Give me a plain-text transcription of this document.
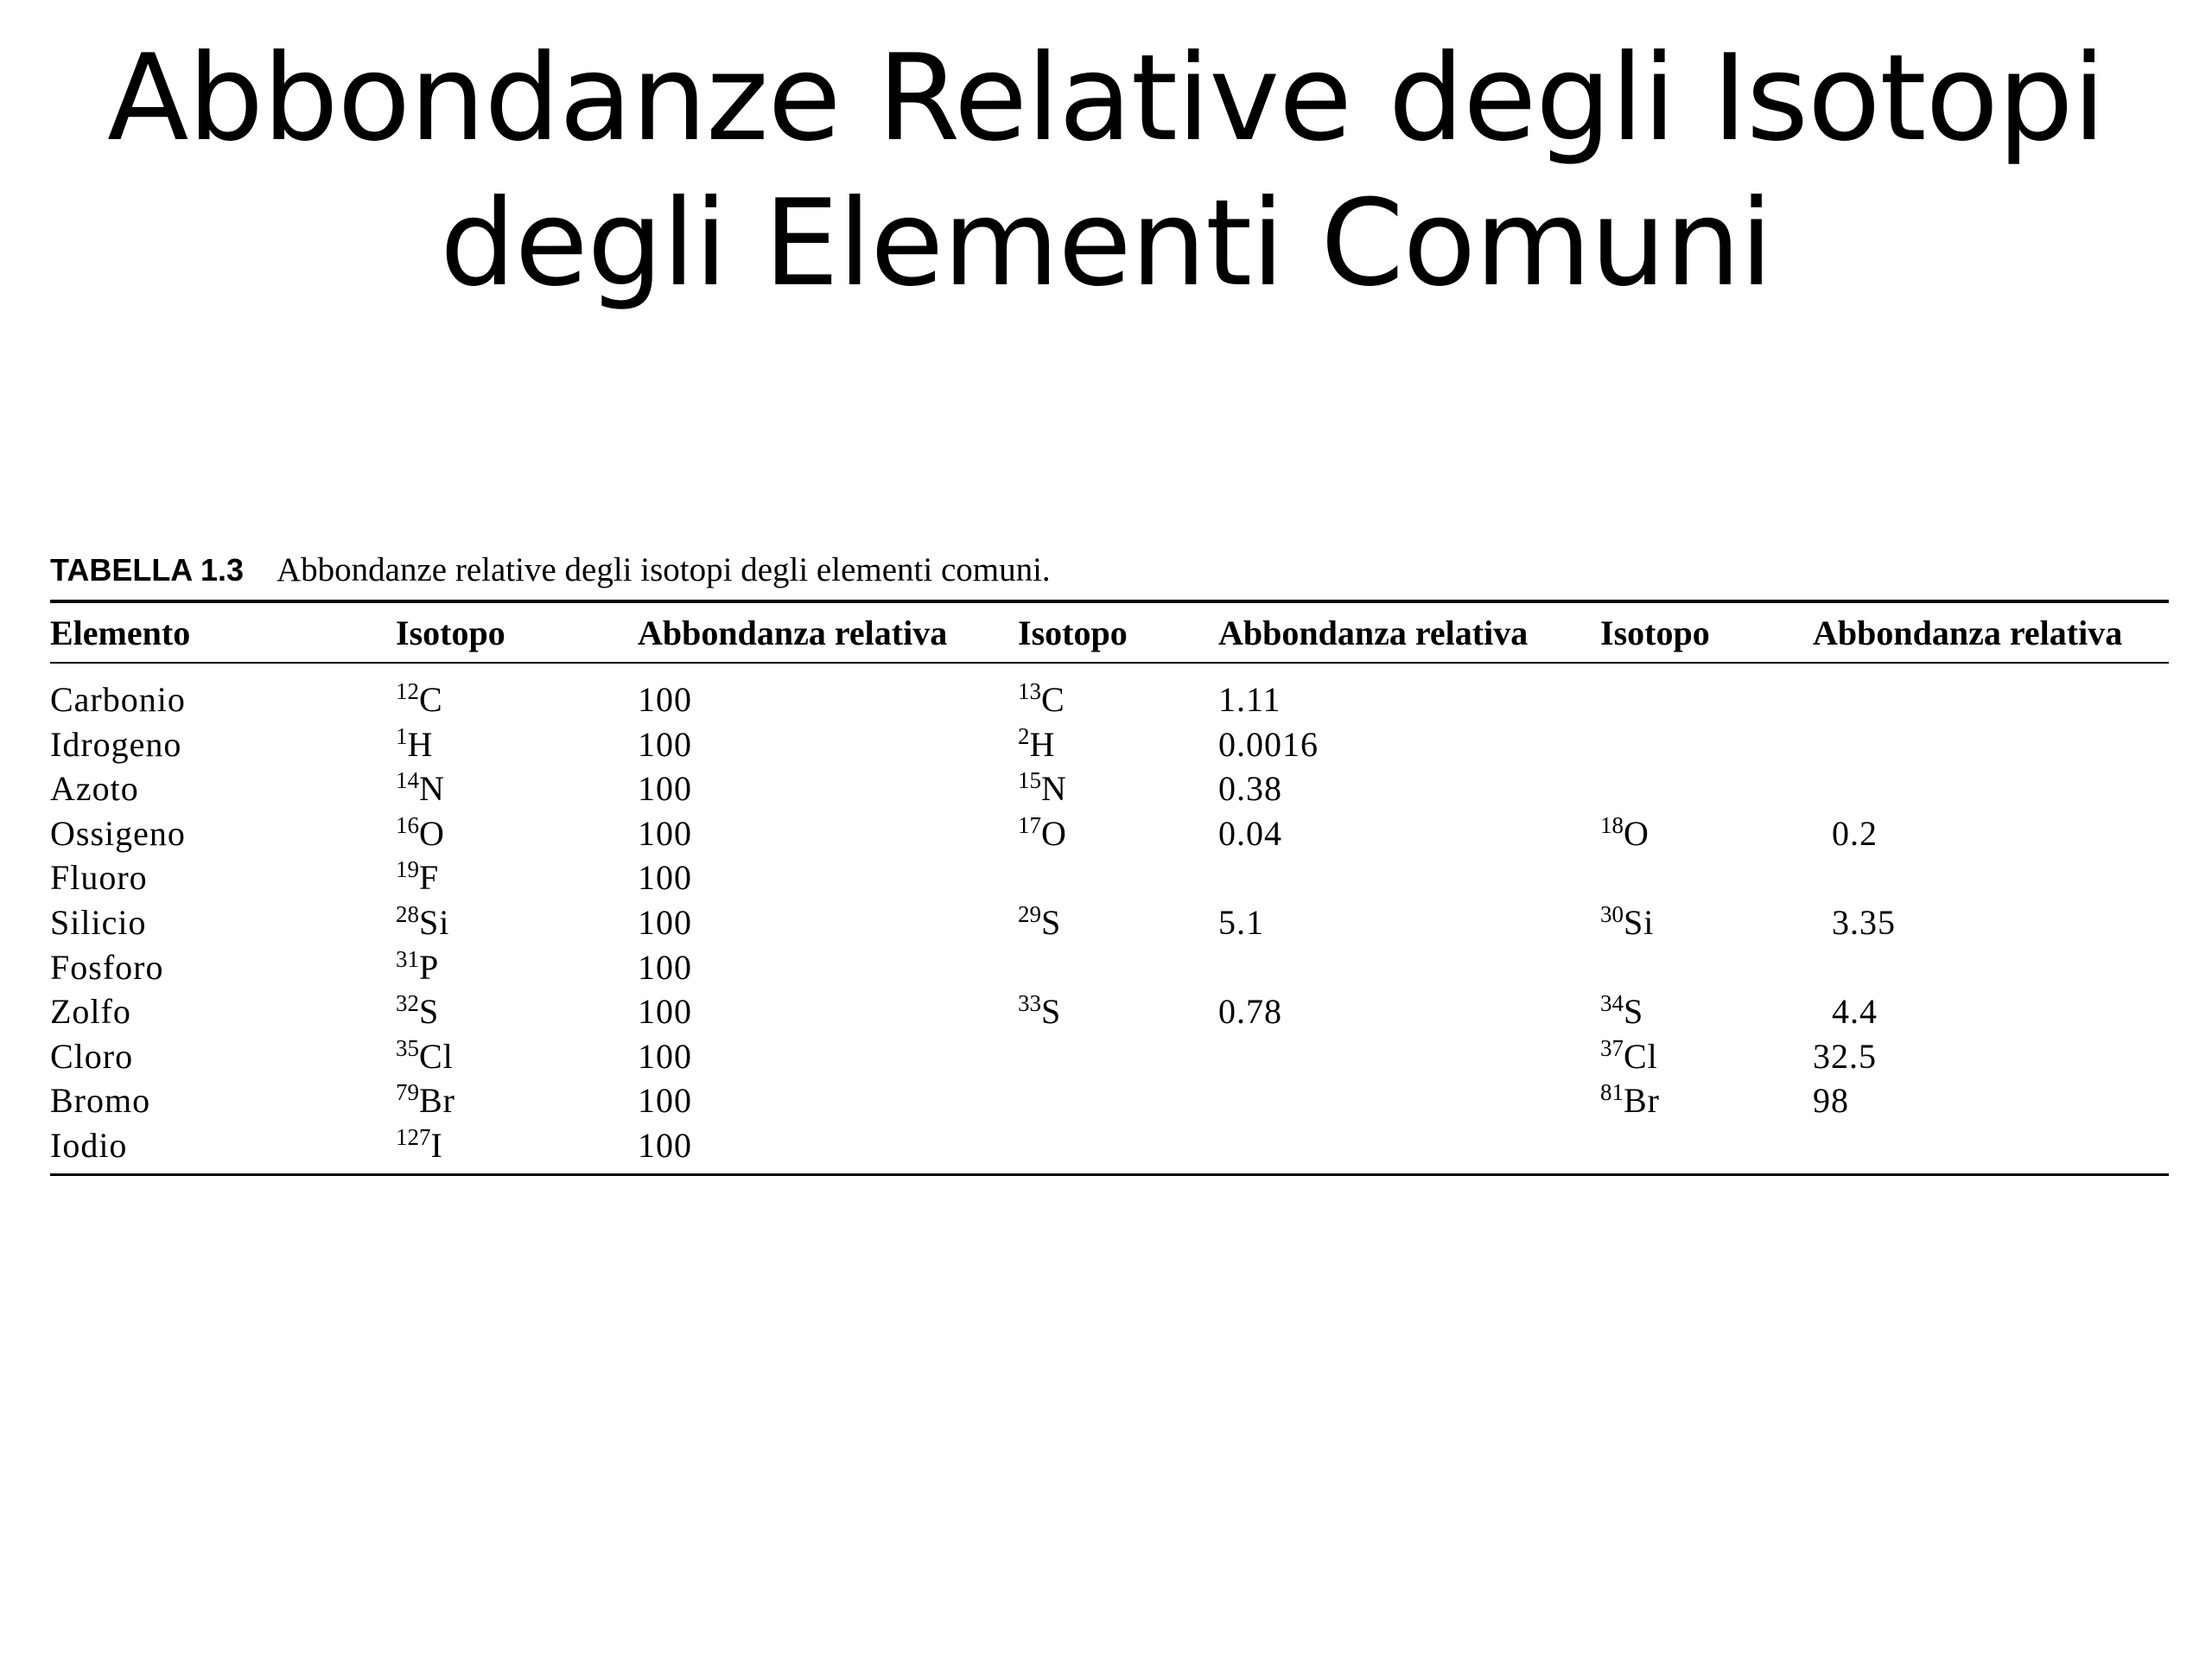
Abbondanze Relative degli Isotopi
degli Elementi Comuni
TABELLA 1.3 Abbondanze relative degli isotopi degli elementi comuni.
Elemento	Isotopo	Abbondanza relativa	Isotopo	Abbondanza relativa	Isotopo	Abbondanza relativa
Carbonio	$^{12}$C	100	$^{13}$C	1.11		
Idrogeno	$^1$H	100	$^2$H	0.0016		
Azoto	$^{14}$N	100	$^{15}$N	0.38		
Ossigeno	$^{16}$O	100	$^{17}$O	0.04	$^{18}$O	0.2
Fluoro	$^{19}$F	100				
Silicio	$^{28}$Si	100	$^{29}$S	5.1	$^{30}$Si	3.35
Fosforo	$^{31}$P	100				
Zolfo	$^{32}$S	100	$^{33}$S	0.78	$^{34}$S	4.4
Cloro	$^{35}$Cl	100			$^{37}$Cl	32.5
Bromo	$^{79}$Br	100			$^{81}$Br	98
Iodio	$^{127}$I	100				
